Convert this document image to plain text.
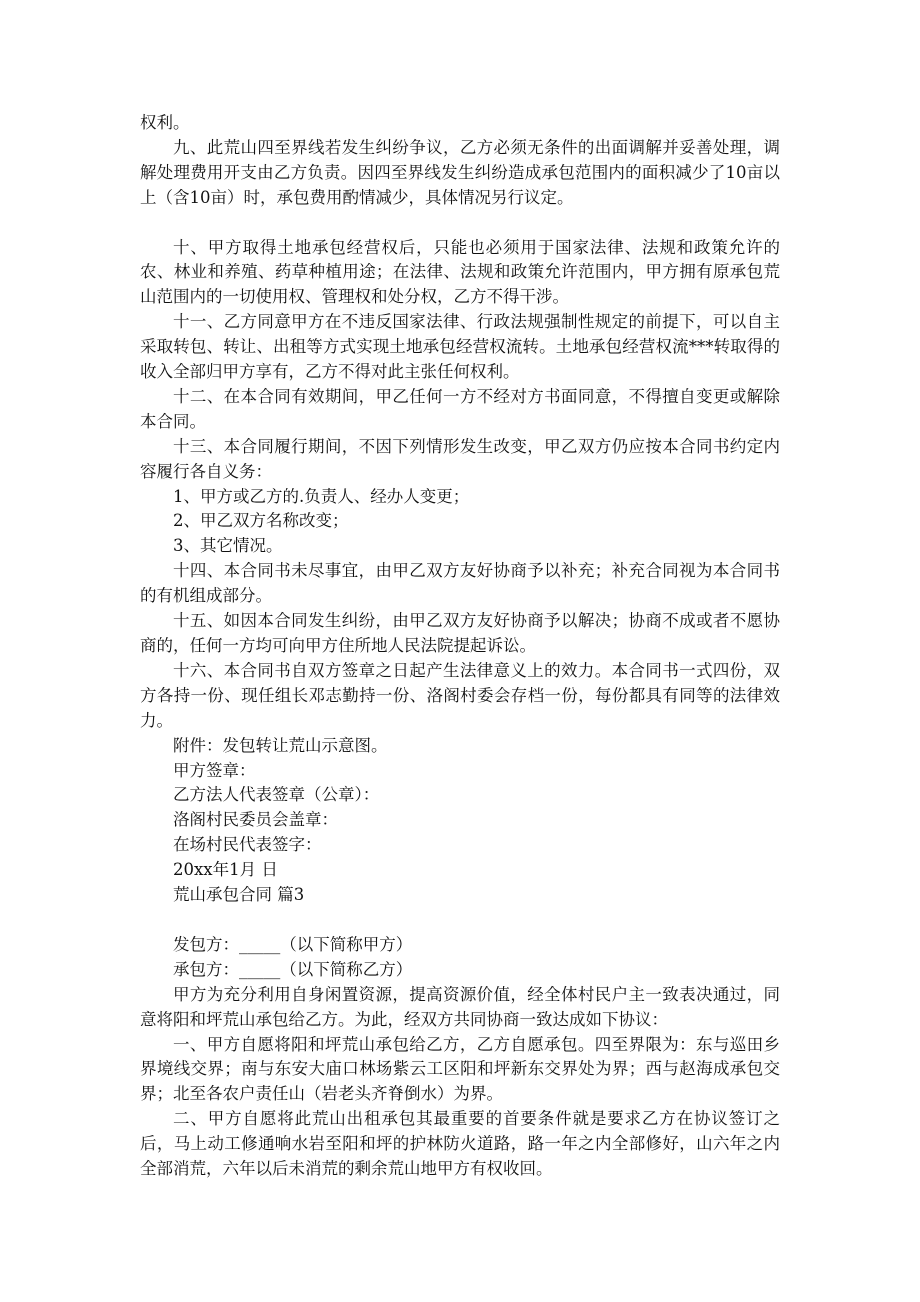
权利。

九、此荒山四至界线若发生纠纷争议，乙方必须无条件的出面调解并妥善处理，调解处理费用开支由乙方负责。因四至界线发生纠纷造成承包范围内的面积减少了10亩以上（含10亩）时，承包费用酌情减少，具体情况另行议定。

十、甲方取得土地承包经营权后，只能也必须用于国家法律、法规和政策允许的农、林业和养殖、药草种植用途；在法律、法规和政策允许范围内，甲方拥有原承包荒山范围内的一切使用权、管理权和处分权，乙方不得干涉。

十一、乙方同意甲方在不违反国家法律、行政法规强制性规定的前提下，可以自主采取转包、转让、出租等方式实现土地承包经营权流转。土地承包经营权流***转取得的收入全部归甲方享有，乙方不得对此主张任何权利。

十二、在本合同有效期间，甲乙任何一方不经对方书面同意，不得擅自变更或解除本合同。

十三、本合同履行期间，不因下列情形发生改变，甲乙双方仍应按本合同书约定内容履行各自义务：

1、甲方或乙方的.负责人、经办人变更；

2、甲乙双方名称改变；

3、其它情况。

十四、本合同书未尽事宜，由甲乙双方友好协商予以补充；补充合同视为本合同书的有机组成部分。

十五、如因本合同发生纠纷，由甲乙双方友好协商予以解决；协商不成或者不愿协商的，任何一方均可向甲方住所地人民法院提起诉讼。

十六、本合同书自双方签章之日起产生法律意义上的效力。本合同书一式四份，双方各持一份、现任组长邓志勤持一份、洛阁村委会存档一份，每份都具有同等的法律效力。

附件：发包转让荒山示意图。

甲方签章：

乙方法人代表签章（公章）：

洛阁村民委员会盖章：

在场村民代表签字：

20xx年1月 日

荒山承包合同 篇3

发包方：_____（以下简称甲方）

承包方：_____（以下简称乙方）

甲方为充分利用自身闲置资源，提高资源价值，经全体村民户主一致表决通过，同意将阳和坪荒山承包给乙方。为此，经双方共同协商一致达成如下协议：

一、甲方自愿将阳和坪荒山承包给乙方，乙方自愿承包。四至界限为：东与巡田乡界境线交界；南与东安大庙口林场紫云工区阳和坪新东交界处为界；西与赵海成承包交界；北至各农户责任山（岩老头齐脊倒水）为界。

二、甲方自愿将此荒山出租承包其最重要的首要条件就是要求乙方在协议签订之后，马上动工修通响水岩至阳和坪的护林防火道路，路一年之内全部修好，山六年之内全部消荒，六年以后未消荒的剩余荒山地甲方有权收回。
